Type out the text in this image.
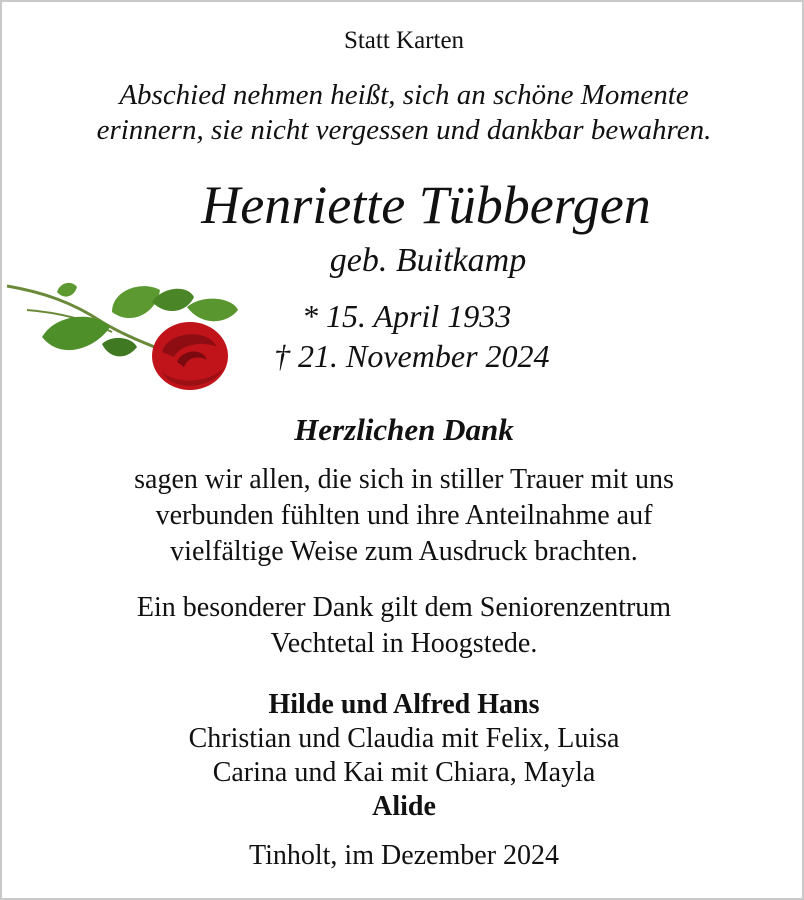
Statt Karten
Abschied nehmen heißt, sich an schöne Momente
erinnern, sie nicht vergessen und dankbar bewahren.
Henriette Tübbergen
geb. Buitkamp
* 15. April 1933
† 21. November 2024
Herzlichen Dank
sagen wir allen, die sich in stiller Trauer mit uns
verbunden fühlten und ihre Anteilnahme auf
vielfältige Weise zum Ausdruck brachten.
Ein besonderer Dank gilt dem Seniorenzentrum
Vechtetal in Hoogstede.
Hilde und Alfred Hans
Christian und Claudia mit Felix, Luisa
Carina und Kai mit Chiara, Mayla
Alide
Tinholt, im Dezember 2024
